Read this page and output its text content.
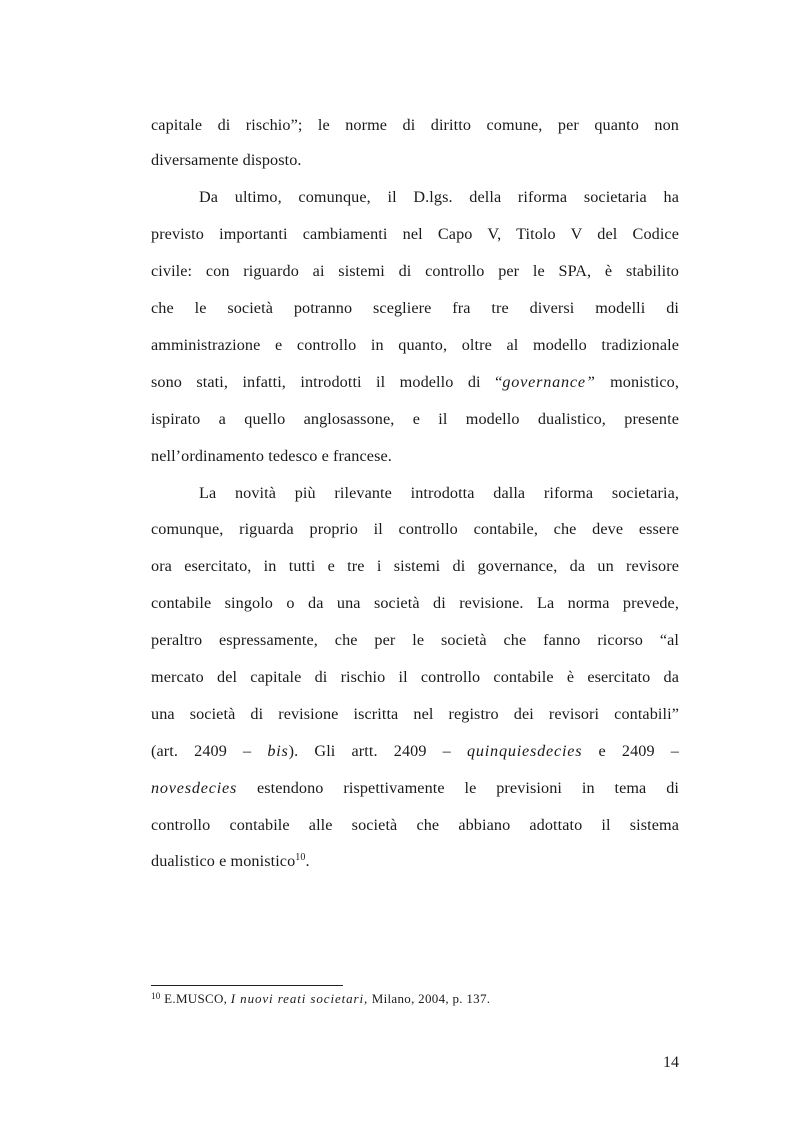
capitale di rischio”; le norme di diritto comune, per quanto non
diversamente disposto.
Da ultimo, comunque, il D.lgs. della riforma societaria ha
previsto importanti cambiamenti nel Capo V, Titolo V del Codice
civile: con riguardo ai sistemi di controllo per le SPA, è stabilito
che le società potranno scegliere fra tre diversi modelli di
amministrazione e controllo in quanto, oltre al modello tradizionale
sono stati, infatti, introdotti il modello di “governance” monistico,
ispirato a quello anglosassone, e il modello dualistico, presente
nell’ordinamento tedesco e francese.
La novità più rilevante introdotta dalla riforma societaria,
comunque, riguarda proprio il controllo contabile, che deve essere
ora esercitato, in tutti e tre i sistemi di governance, da un revisore
contabile singolo o da una società di revisione. La norma prevede,
peraltro espressamente, che per le società che fanno ricorso “al
mercato del capitale di rischio il controllo contabile è esercitato da
una società di revisione iscritta nel registro dei revisori contabili”
(art. 2409 – bis). Gli artt. 2409 – quinquiesdecies e 2409 –
novesdecies estendono rispettivamente le previsioni in tema di
controllo contabile alle società che abbiano adottato il sistema
dualistico e monistico$^{10}$.
$^{10}$ E.MUSCO, I nuovi reati societari, Milano, 2004, p. 137.
14
